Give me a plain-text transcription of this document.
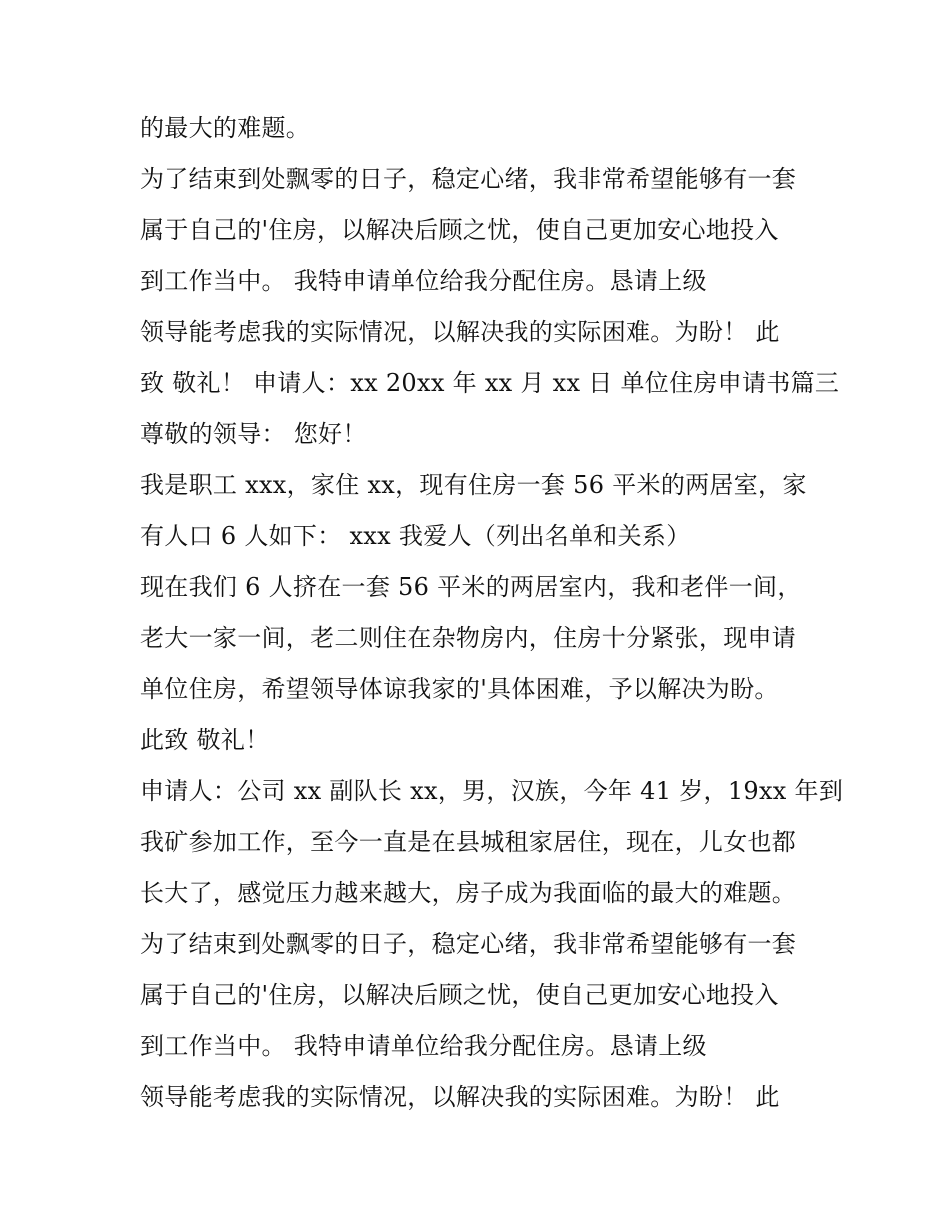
的最大的难题。
为了结束到处飘零的日子，稳定心绪，我非常希望能够有一套
属于自己的'住房，以解决后顾之忧，使自己更加安心地投入
到工作当中。 我特申请单位给我分配住房。恳请上级
领导能考虑我的实际情况，以解决我的实际困难。为盼！ 此
致 敬礼！ 申请人：xx 20xx 年 xx 月 xx 日 单位住房申请书篇三
尊敬的领导： 您好！
我是职工 xxx，家住 xx，现有住房一套 56 平米的两居室，家
有人口 6 人如下： xxx 我爱人（列出名单和关系）
现在我们 6 人挤在一套 56 平米的两居室内，我和老伴一间，
老大一家一间，老二则住在杂物房内，住房十分紧张，现申请
单位住房，希望领导体谅我家的'具体困难，予以解决为盼。
此致 敬礼！
申请人：公司 xx 副队长 xx，男，汉族，今年 41 岁，19xx 年到
我矿参加工作，至今一直是在县城租家居住，现在，儿女也都
长大了，感觉压力越来越大，房子成为我面临的最大的难题。
为了结束到处飘零的日子，稳定心绪，我非常希望能够有一套
属于自己的'住房，以解决后顾之忧，使自己更加安心地投入
到工作当中。 我特申请单位给我分配住房。恳请上级
领导能考虑我的实际情况，以解决我的实际困难。为盼！ 此
